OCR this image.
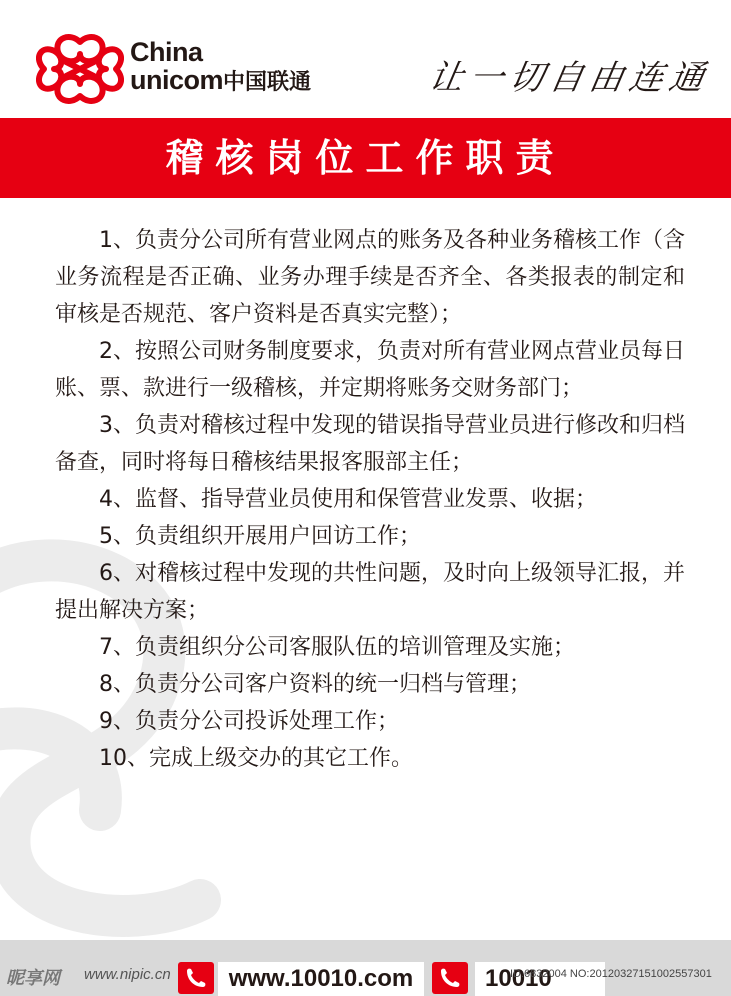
China
unicom中国联通	让一切自由连通
稽核岗位工作职责

1、负责分公司所有营业网点的账务及各种业务稽核工作（含业务流程是否正确、业务办理手续是否齐全、各类报表的制定和审核是否规范、客户资料是否真实完整）；

2、按照公司财务制度要求，负责对所有营业网点营业员每日账、票、款进行一级稽核，并定期将账务交财务部门；

3、负责对稽核过程中发现的错误指导营业员进行修改和归档备查，同时将每日稽核结果报客服部主任；

4、监督、指导营业员使用和保管营业发票、收据；

5、负责组织开展用户回访工作；

6、对稽核过程中发现的共性问题，及时向上级领导汇报，并提出解决方案；

7、负责组织分公司客服队伍的培训管理及实施；

8、负责分公司客户资料的统一归档与管理；

9、负责分公司投诉处理工作；

10、完成上级交办的其它工作。

昵享网 www.nipic.cn	www.10010.com	10010
ID:6832004 NO:20120327151002557301
